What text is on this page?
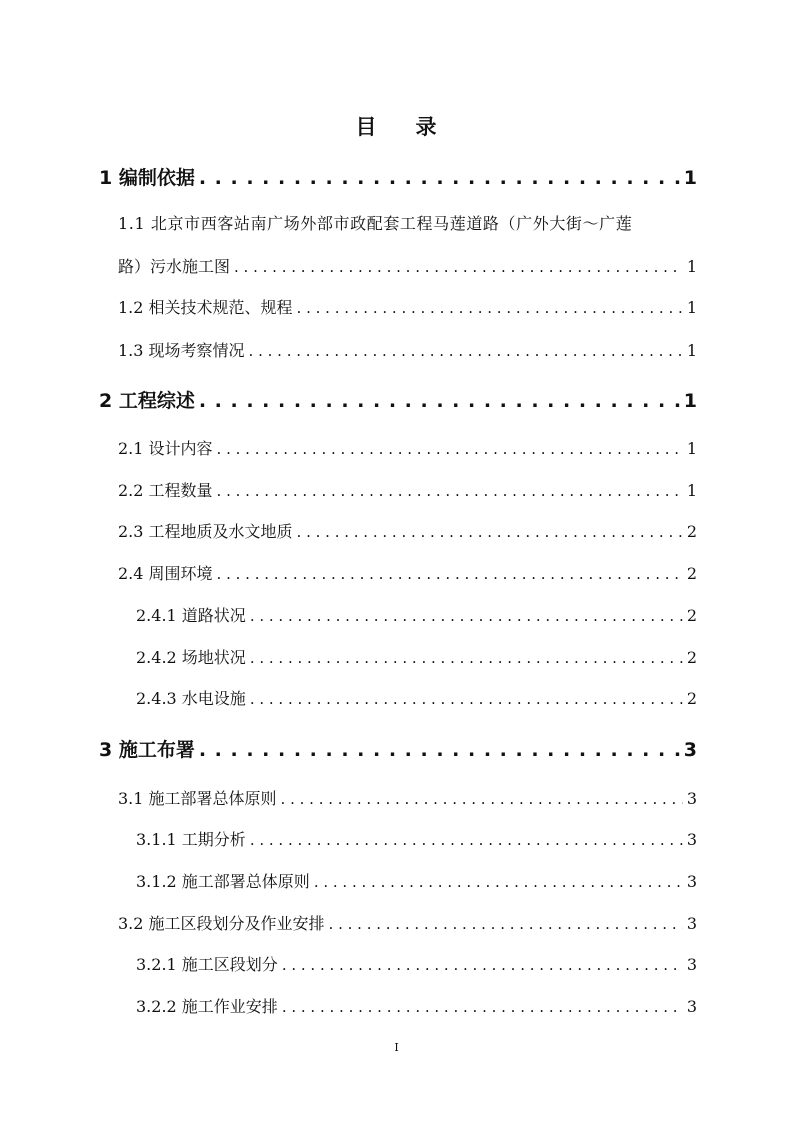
目 录
1 编制依据 . . .	1
1.1 北京市西客站南广场外部市政配套工程马莲道路（广外大街～广莲
路）污水施工图 . . .	1
1.2 相关技术规范、规程 . . .	1
1.3 现场考察情况 . . .	1
2 工程综述 . . .	1
2.1 设计内容 . . .	1
2.2 工程数量 . . .	1
2.3 工程地质及水文地质 . . .	2
2.4 周围环境 . . .	2
2.4.1 道路状况 . . .	2
2.4.2 场地状况 . . .	2
2.4.3 水电设施 . . .	2
3 施工布署 . . .	3
3.1 施工部署总体原则 . . .	3
3.1.1 工期分析 . . .	3
3.1.2 施工部署总体原则 . . .	3
3.2 施工区段划分及作业安排 . . .	3
3.2.1 施工区段划分 . . .	3
3.2.2 施工作业安排 . . .	3
I
